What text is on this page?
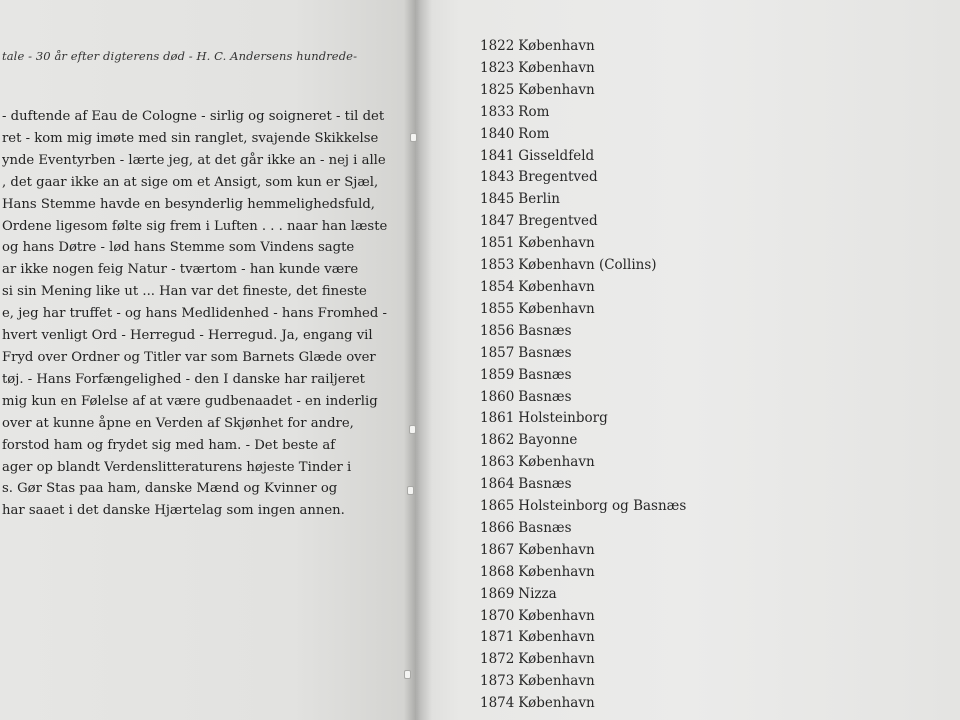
tale - 30 år efter digterens død - H. C. Andersens hundrede-
- duftende af Eau de Cologne - sirlig og soigneret - til det
ret - kom mig imøte med sin ranglet, svajende Skikkelse
ynde Eventyrben - lærte jeg, at det går ikke an - nej i alle
, det gaar ikke an at sige om et Ansigt, som kun er Sjæl,
Hans Stemme havde en besynderlig hemmelighedsfuld,
Ordene ligesom følte sig frem i Luften . . . naar han læste
og hans Døtre - lød hans Stemme som Vindens sagte
ar ikke nogen feig Natur - tværtom - han kunde være
si sin Mening like ut ... Han var det fineste, det fineste
e, jeg har truffet - og hans Medlidenhed - hans Fromhed -
hvert venligt Ord - Herregud - Herregud. Ja, engang vil
Fryd over Ordner og Titler var som Barnets Glæde over
tøj. - Hans Forfængelighed - den I danske har railjeret
mig kun en Følelse af at være gudbenaadet - en inderlig
over at kunne åpne en Verden af Skjønhet for andre,
forstod ham og frydet sig med ham. - Det beste af
ager op blandt Verdenslitteraturens højeste Tinder i
s. Gør Stas paa ham, danske Mænd og Kvinner og
har saaet i det danske Hjærtelag som ingen annen.
1822 København
1823 København
1825 København
1833 Rom
1840 Rom
1841 Gisseldfeld
1843 Bregentved
1845 Berlin
1847 Bregentved
1851 København
1853 København (Collins)
1854 København
1855 København
1856 Basnæs
1857 Basnæs
1859 Basnæs
1860 Basnæs
1861 Holsteinborg
1862 Bayonne
1863 København
1864 Basnæs
1865 Holsteinborg og Basnæs
1866 Basnæs
1867 København
1868 København
1869 Nizza
1870 København
1871 København
1872 København
1873 København
1874 København
